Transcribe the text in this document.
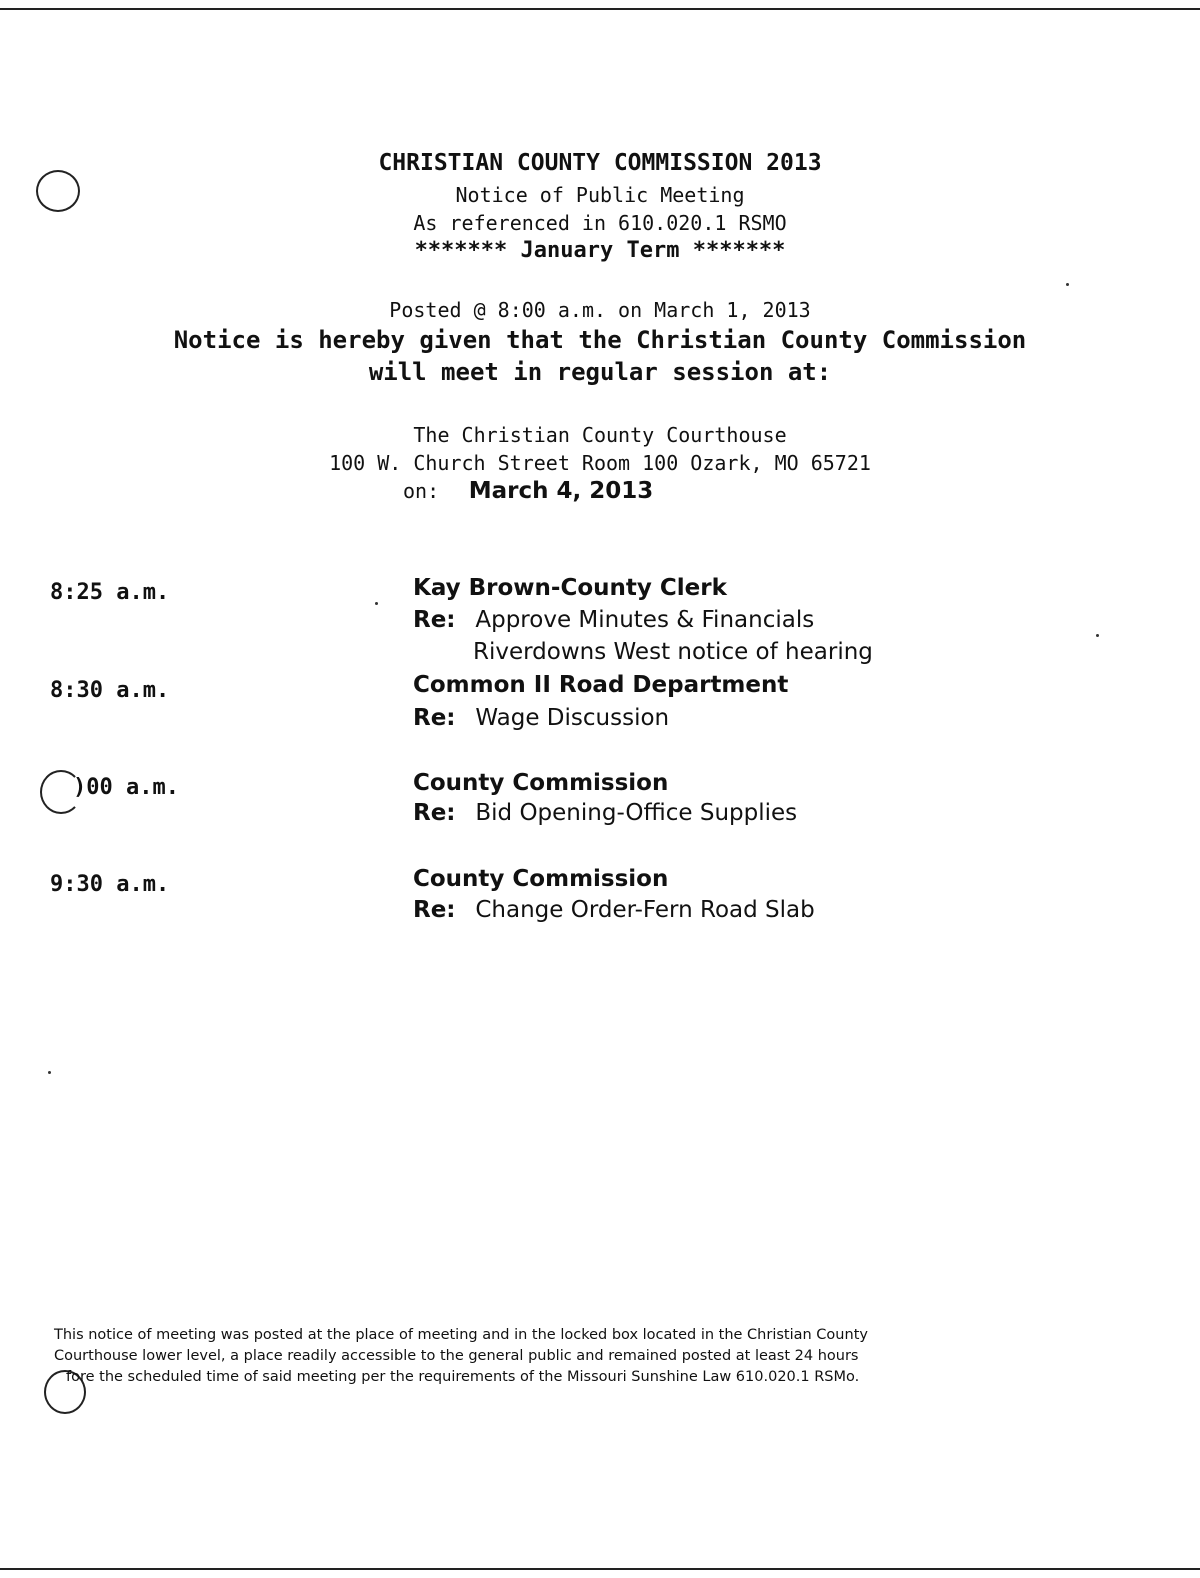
CHRISTIAN COUNTY COMMISSION 2013
Notice of Public Meeting
As referenced in 610.020.1 RSMO
******* January Term *******
Posted @ 8:00 a.m. on March 1, 2013
Notice is hereby given that the Christian County Commission
will meet in regular session at:
The Christian County Courthouse
100 W. Church Street Room 100 Ozark, MO 65721
on: March 4, 2013
8:25 a.m.	Kay Brown-County Clerk
Re: Approve Minutes & Financials
Riverdowns West notice of hearing
8:30 a.m.	Common II Road Department
Re: Wage Discussion
)00 a.m.	County Commission
Re: Bid Opening-Office Supplies
9:30 a.m.	County Commission
Re: Change Order-Fern Road Slab
This notice of meeting was posted at the place of meeting and in the locked box located in the Christian County
Courthouse lower level, a place readily accessible to the general public and remained posted at least 24 hours
fore the scheduled time of said meeting per the requirements of the Missouri Sunshine Law 610.020.1 RSMo.
